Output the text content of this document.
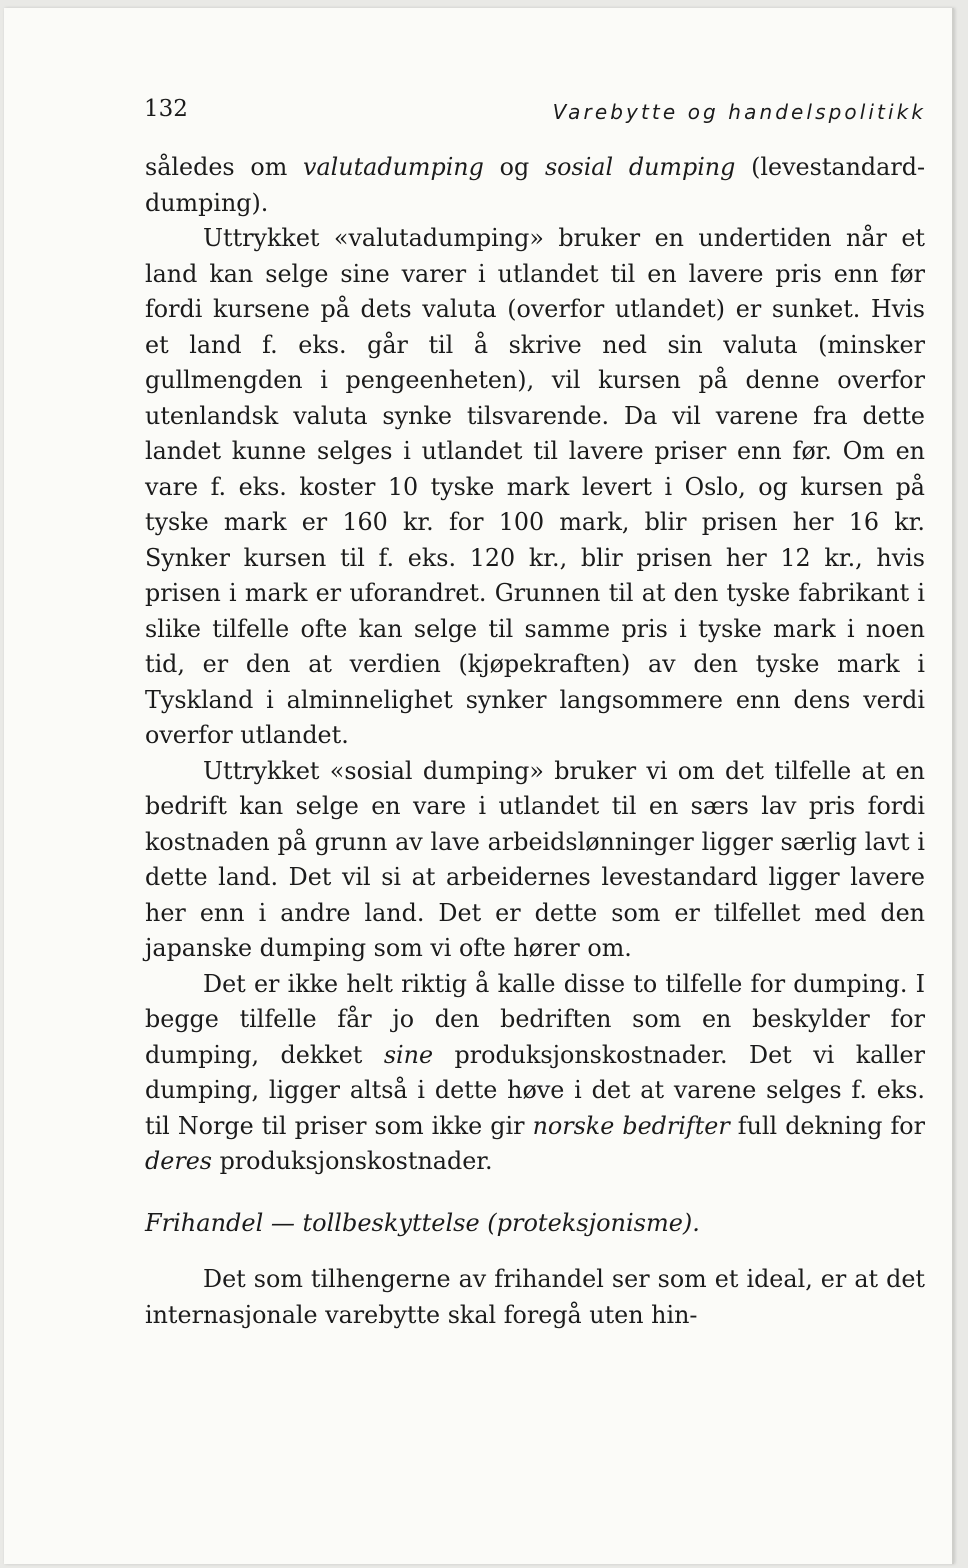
132	Varebytte og handelspolitikk

således om valutadumping og sosial dumping (levestandard-dumping).

Uttrykket «valutadumping» bruker en undertiden når et land kan selge sine varer i utlandet til en lavere pris enn før fordi kursene på dets valuta (overfor utlandet) er sunket. Hvis et land f. eks. går til å skrive ned sin valuta (minsker gullmengden i pengeenheten), vil kursen på denne overfor utenlandsk valuta synke tilsvarende. Da vil varene fra dette landet kunne selges i utlandet til lavere priser enn før. Om en vare f. eks. koster 10 tyske mark levert i Oslo, og kursen på tyske mark er 160 kr. for 100 mark, blir prisen her 16 kr. Synker kursen til f. eks. 120 kr., blir prisen her 12 kr., hvis prisen i mark er uforandret. Grunnen til at den tyske fabrikant i slike tilfelle ofte kan selge til samme pris i tyske mark i noen tid, er den at verdien (kjøpekraften) av den tyske mark i Tyskland i alminnelighet synker langsommere enn dens verdi overfor utlandet.

Uttrykket «sosial dumping» bruker vi om det tilfelle at en bedrift kan selge en vare i utlandet til en særs lav pris fordi kostnaden på grunn av lave arbeidslønninger ligger særlig lavt i dette land. Det vil si at arbeidernes levestandard ligger lavere her enn i andre land. Det er dette som er tilfellet med den japanske dumping som vi ofte hører om.

Det er ikke helt riktig å kalle disse to tilfelle for dumping. I begge tilfelle får jo den bedriften som en beskylder for dumping, dekket sine produksjonskostnader. Det vi kaller dumping, ligger altså i dette høve i det at varene selges f. eks. til Norge til priser som ikke gir norske bedrifter full dekning for deres produksjonskostnader.

Frihandel — tollbeskyttelse (proteksjonisme).

Det som tilhengerne av frihandel ser som et ideal, er at det internasjonale varebytte skal foregå uten hin-
